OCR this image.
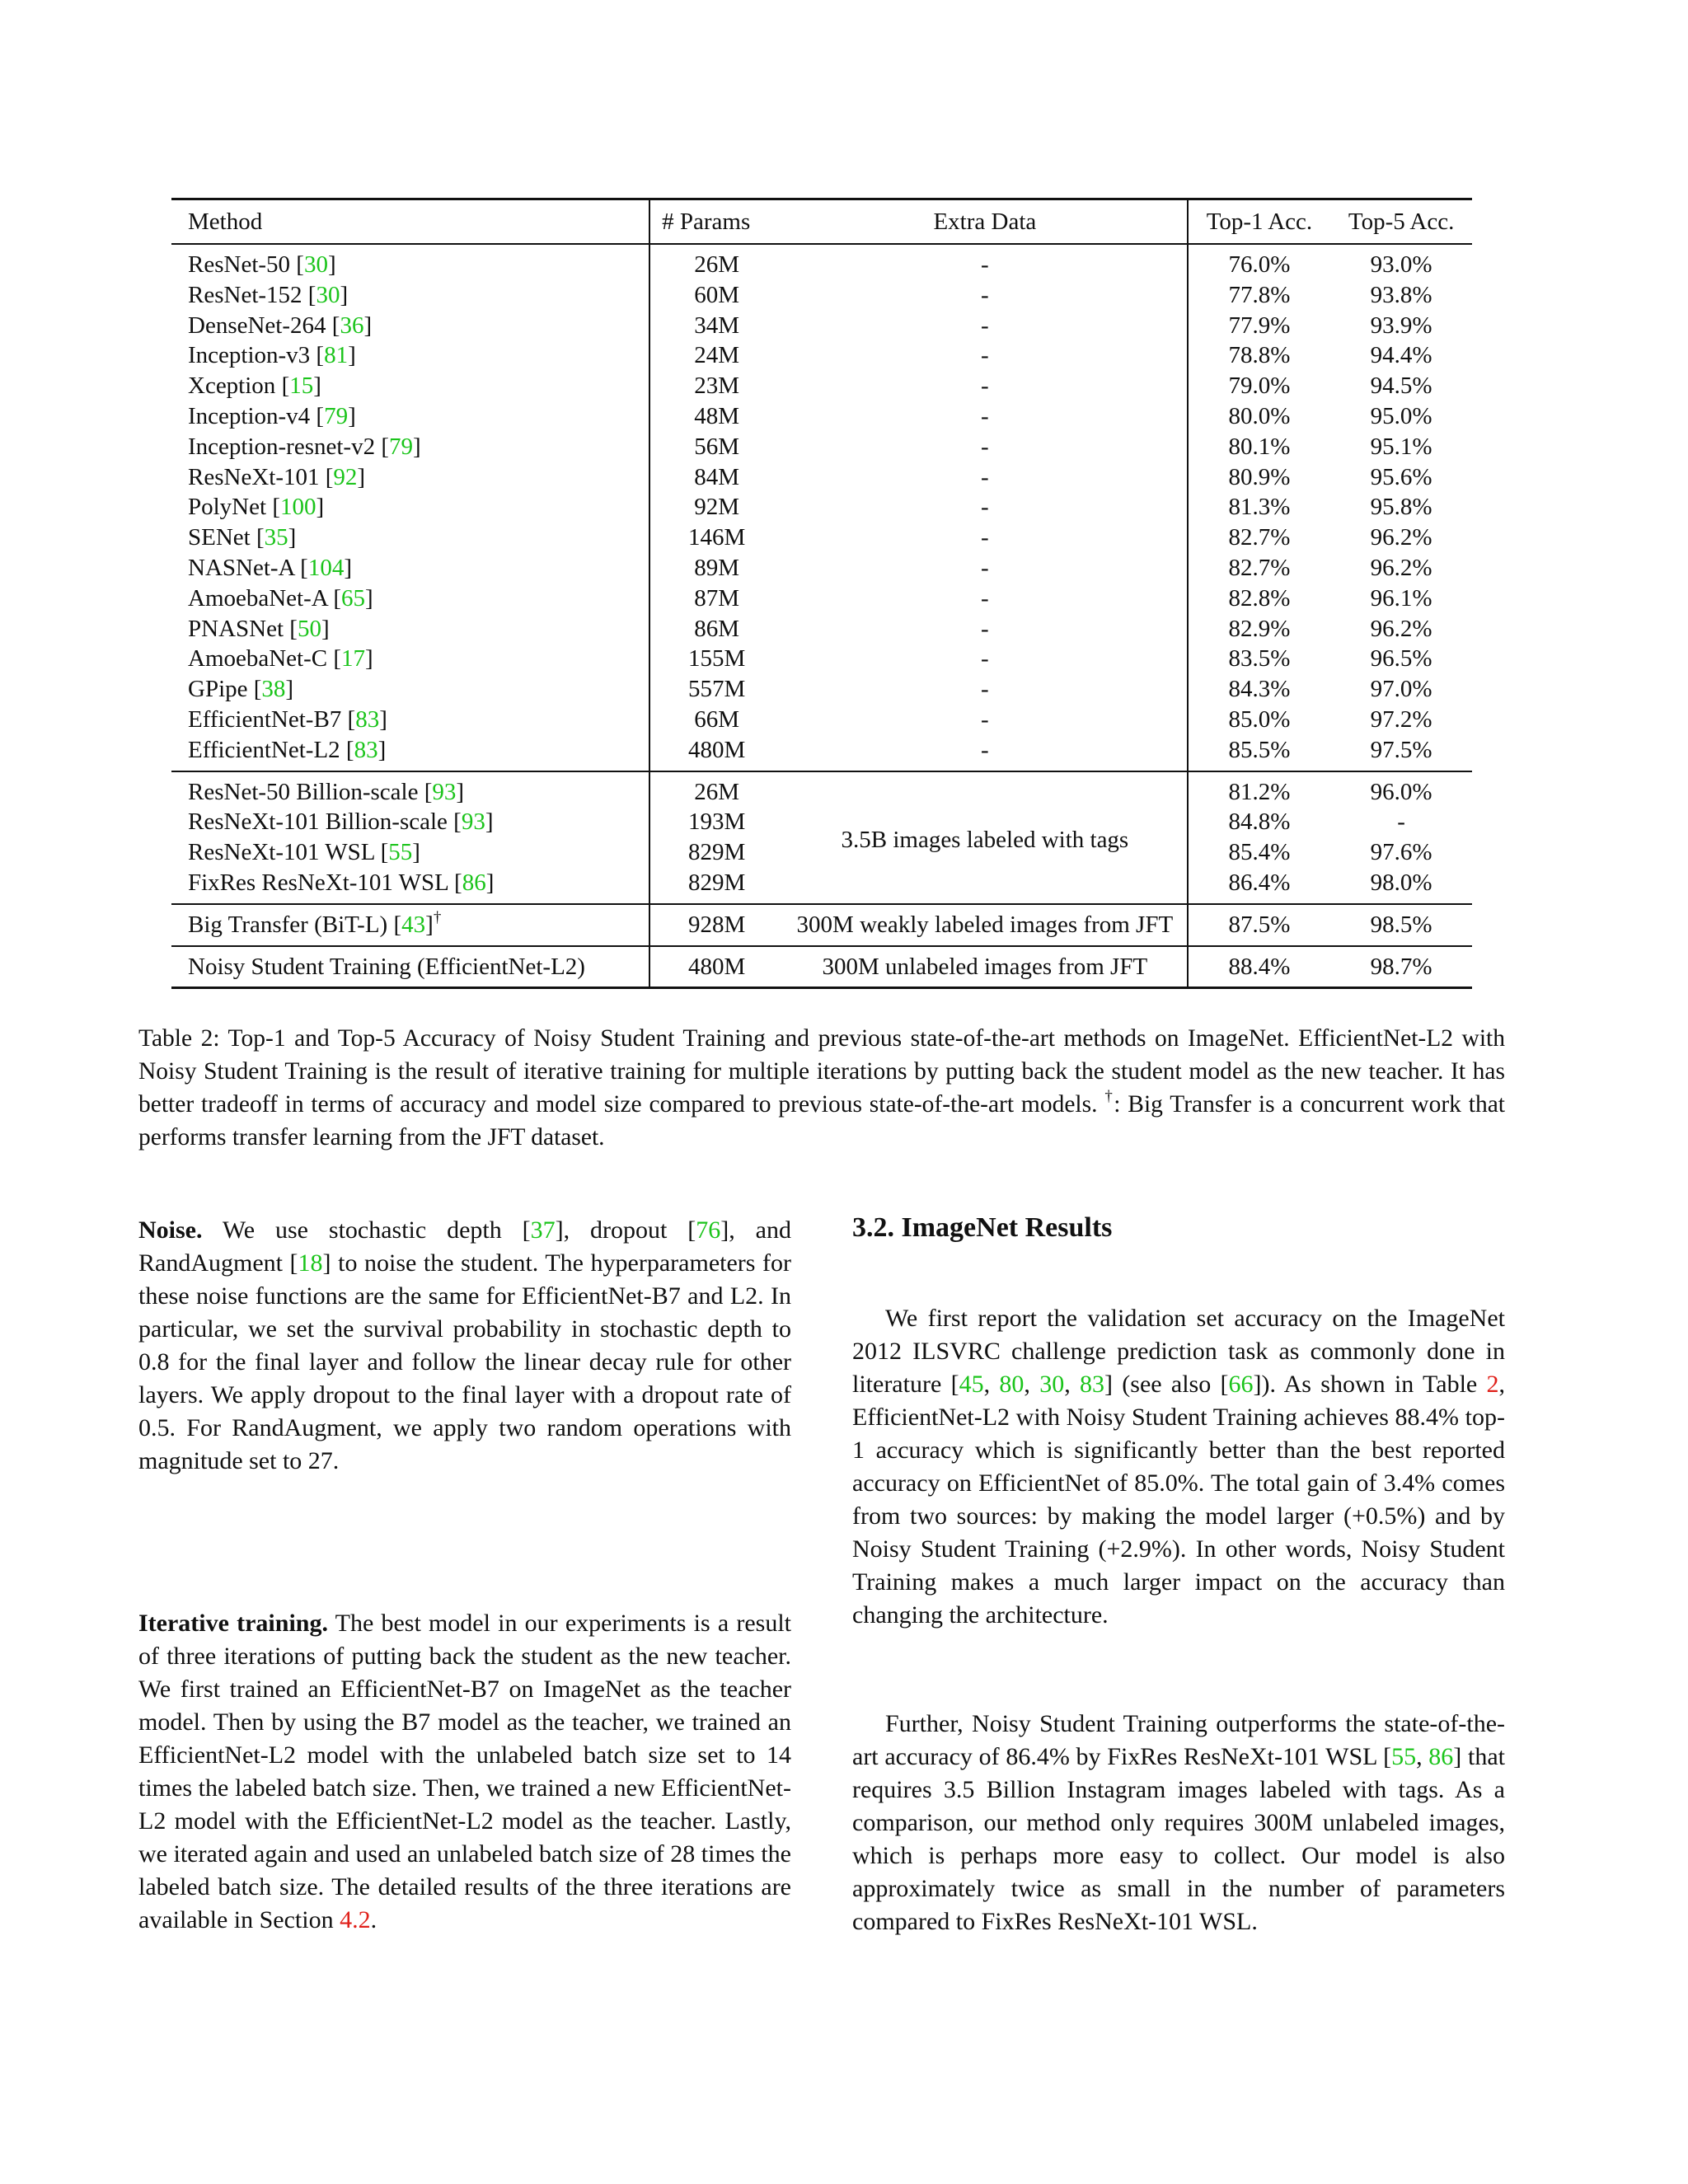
Method	# Params	Extra Data	Top-1 Acc.	Top-5 Acc.
ResNet-50 [30]	26M	-	76.0%	93.0%
ResNet-152 [30]	60M	-	77.8%	93.8%
DenseNet-264 [36]	34M	-	77.9%	93.9%
Inception-v3 [81]	24M	-	78.8%	94.4%
Xception [15]	23M	-	79.0%	94.5%
Inception-v4 [79]	48M	-	80.0%	95.0%
Inception-resnet-v2 [79]	56M	-	80.1%	95.1%
ResNeXt-101 [92]	84M	-	80.9%	95.6%
PolyNet [100]	92M	-	81.3%	95.8%
SENet [35]	146M	-	82.7%	96.2%
NASNet-A [104]	89M	-	82.7%	96.2%
AmoebaNet-A [65]	87M	-	82.8%	96.1%
PNASNet [50]	86M	-	82.9%	96.2%
AmoebaNet-C [17]	155M	-	83.5%	96.5%
GPipe [38]	557M	-	84.3%	97.0%
EfficientNet-B7 [83]	66M	-	85.0%	97.2%
EfficientNet-L2 [83]	480M	-	85.5%	97.5%
ResNet-50 Billion-scale [93]	26M	3.5B images labeled with tags	81.2%	96.0%
ResNeXt-101 Billion-scale [93]	193M		84.8%	-
ResNeXt-101 WSL [55]	829M		85.4%	97.6%
FixRes ResNeXt-101 WSL [86]	829M		86.4%	98.0%
Big Transfer (BiT-L) [43]†	928M	300M weakly labeled images from JFT	87.5%	98.5%
Noisy Student Training (EfficientNet-L2)	480M	300M unlabeled images from JFT	88.4%	98.7%
Table 2: Top-1 and Top-5 Accuracy of Noisy Student Training and previous state-of-the-art methods on ImageNet. EfficientNet-L2 with Noisy Student Training is the result of iterative training for multiple iterations by putting back the student model as the new teacher. It has better tradeoff in terms of accuracy and model size compared to previous state-of-the-art models. †: Big Transfer is a concurrent work that performs transfer learning from the JFT dataset.

Noise. We use stochastic depth [37], dropout [76], and RandAugment [18] to noise the student. The hyperparameters for these noise functions are the same for EfficientNet-B7 and L2. In particular, we set the survival probability in stochastic depth to 0.8 for the final layer and follow the linear decay rule for other layers. We apply dropout to the final layer with a dropout rate of 0.5. For RandAugment, we apply two random operations with magnitude set to 27.

Iterative training. The best model in our experiments is a result of three iterations of putting back the student as the new teacher. We first trained an EfficientNet-B7 on ImageNet as the teacher model. Then by using the B7 model as the teacher, we trained an EfficientNet-L2 model with the unlabeled batch size set to 14 times the labeled batch size. Then, we trained a new EfficientNet-L2 model with the EfficientNet-L2 model as the teacher. Lastly, we iterated again and used an unlabeled batch size of 28 times the labeled batch size. The detailed results of the three iterations are available in Section 4.2.

3.2. ImageNet Results

We first report the validation set accuracy on the ImageNet 2012 ILSVRC challenge prediction task as commonly done in literature [45, 80, 30, 83] (see also [66]). As shown in Table 2, EfficientNet-L2 with Noisy Student Training achieves 88.4% top-1 accuracy which is significantly better than the best reported accuracy on EfficientNet of 85.0%. The total gain of 3.4% comes from two sources: by making the model larger (+0.5%) and by Noisy Student Training (+2.9%). In other words, Noisy Student Training makes a much larger impact on the accuracy than changing the architecture.

Further, Noisy Student Training outperforms the state-of-the-art accuracy of 86.4% by FixRes ResNeXt-101 WSL [55, 86] that requires 3.5 Billion Instagram images labeled with tags. As a comparison, our method only requires 300M unlabeled images, which is perhaps more easy to collect. Our model is also approximately twice as small in the number of parameters compared to FixRes ResNeXt-101 WSL.
